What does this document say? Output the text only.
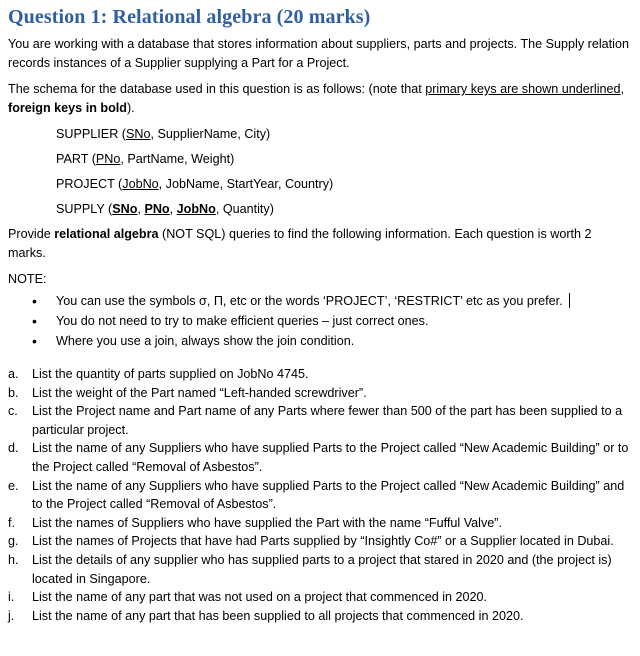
Question 1: Relational algebra (20 marks)

You are working with a database that stores information about suppliers, parts and projects. The Supply relation records instances of a Supplier supplying a Part for a Project.

The schema for the database used in this question is as follows: (note that primary keys are shown underlined, foreign keys in bold).

SUPPLIER (SNo, SupplierName, City)
PART (PNo, PartName, Weight)
PROJECT (JobNo, JobName, StartYear, Country)
SUPPLY (SNo, PNo, JobNo, Quantity)

Provide relational algebra (NOT SQL) queries to find the following information. Each question is worth 2 marks.

NOTE:

• You can use the symbols σ, Π, etc or the words ‘PROJECT’, ‘RESTRICT’ etc as you prefer.
• You do not need to try to make efficient queries – just correct ones.
• Where you use a join, always show the join condition.
a. List the quantity of parts supplied on JobNo 4745.
b. List the weight of the Part named “Left-handed screwdriver”.
c. List the Project name and Part name of any Parts where fewer than 500 of the part has been supplied to a particular project.
d. List the name of any Suppliers who have supplied Parts to the Project called “New Academic Building” or to the Project called “Removal of Asbestos”.
e. List the name of any Suppliers who have supplied Parts to the Project called “New Academic Building” and to the Project called “Removal of Asbestos”.
f. List the names of Suppliers who have supplied the Part with the name “Fufful Valve”.
g. List the names of Projects that have had Parts supplied by “Insightly Co#” or a Supplier located in Dubai.
h. List the details of any supplier who has supplied parts to a project that stared in 2020 and (the project is) located in Singapore.
i. List the name of any part that was not used on a project that commenced in 2020.
j. List the name of any part that has been supplied to all projects that commenced in 2020.
